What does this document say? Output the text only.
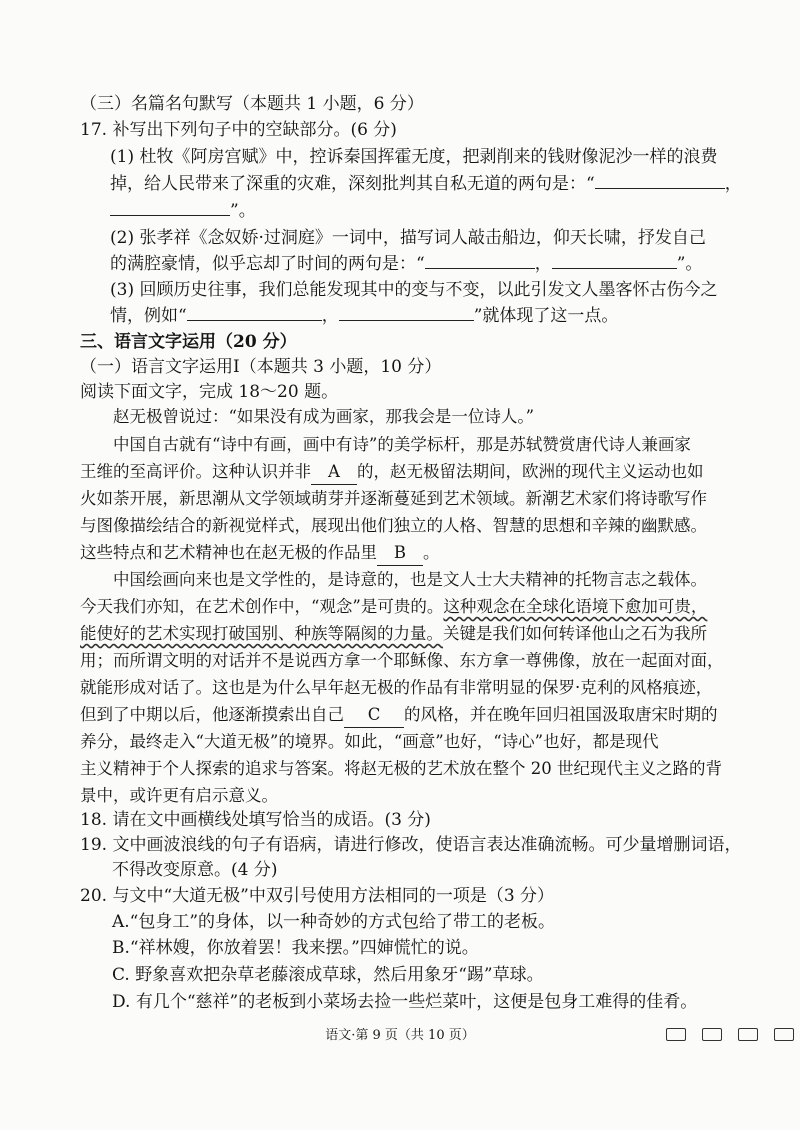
（三）名篇名句默写（本题共 1 小题，6 分）
17. 补写出下列句子中的空缺部分。(6 分)
(1) 杜牧《阿房宫赋》中，控诉秦国挥霍无度，把剥削来的钱财像泥沙一样的浪费
掉，给人民带来了深重的灾难，深刻批判其自私无道的两句是：“	，
”。
(2) 张孝祥《念奴娇·过洞庭》一词中，描写词人敲击船边，仰天长啸，抒发自己
的满腔豪情，似乎忘却了时间的两句是：“	，	”。
(3) 回顾历史往事，我们总能发现其中的变与不变，以此引发文人墨客怀古伤今之
情，例如“	，	”就体现了这一点。
三、语言文字运用（20 分）
（一）语言文字运用Ⅰ（本题共 3 小题，10 分）
阅读下面文字，完成 18～20 题。
赵无极曾说过：“如果没有成为画家，那我会是一位诗人。”
中国自古就有“诗中有画，画中有诗”的美学标杆，那是苏轼赞赏唐代诗人兼画家
王维的至高评价。这种认识并非 A 的，赵无极留法期间，欧洲的现代主义运动也如
火如荼开展，新思潮从文学领域萌芽并逐渐蔓延到艺术领域。新潮艺术家们将诗歌写作
与图像描绘结合的新视觉样式，展现出他们独立的人格、智慧的思想和辛辣的幽默感。
这些特点和艺术精神也在赵无极的作品里 B 。
中国绘画向来也是文学性的，是诗意的，也是文人士大夫精神的托物言志之载体。
今天我们亦知，在艺术创作中，“观念”是可贵的。这种观念在全球化语境下愈加可贵，
能使好的艺术实现打破国别、种族等隔阂的力量。关键是我们如何转译他山之石为我所
用；而所谓文明的对话并不是说西方拿一个耶稣像、东方拿一尊佛像，放在一起面对面，
就能形成对话了。这也是为什么早年赵无极的作品有非常明显的保罗·克利的风格痕迹，
但到了中期以后，他逐渐摸索出自己 C 的风格，并在晚年回归祖国汲取唐宋时期的
养分，最终走入“大道无极”的境界。如此，“画意”也好，“诗心”也好，都是现代
主义精神于个人探索的追求与答案。将赵无极的艺术放在整个 20 世纪现代主义之路的背
景中，或许更有启示意义。
18. 请在文中画横线处填写恰当的成语。(3 分)
19. 文中画波浪线的句子有语病，请进行修改，使语言表达准确流畅。可少量增删词语，
不得改变原意。(4 分)
20. 与文中“大道无极”中双引号使用方法相同的一项是（3 分）
A.“包身工”的身体，以一种奇妙的方式包给了带工的老板。
B.“祥林嫂，你放着罢！我来摆。”四婶慌忙的说。
C. 野象喜欢把杂草老藤滚成草球，然后用象牙“踢”草球。
D. 有几个“慈祥”的老板到小菜场去捡一些烂菜叶，这便是包身工难得的佳肴。
语文·第 9 页（共 10 页）
